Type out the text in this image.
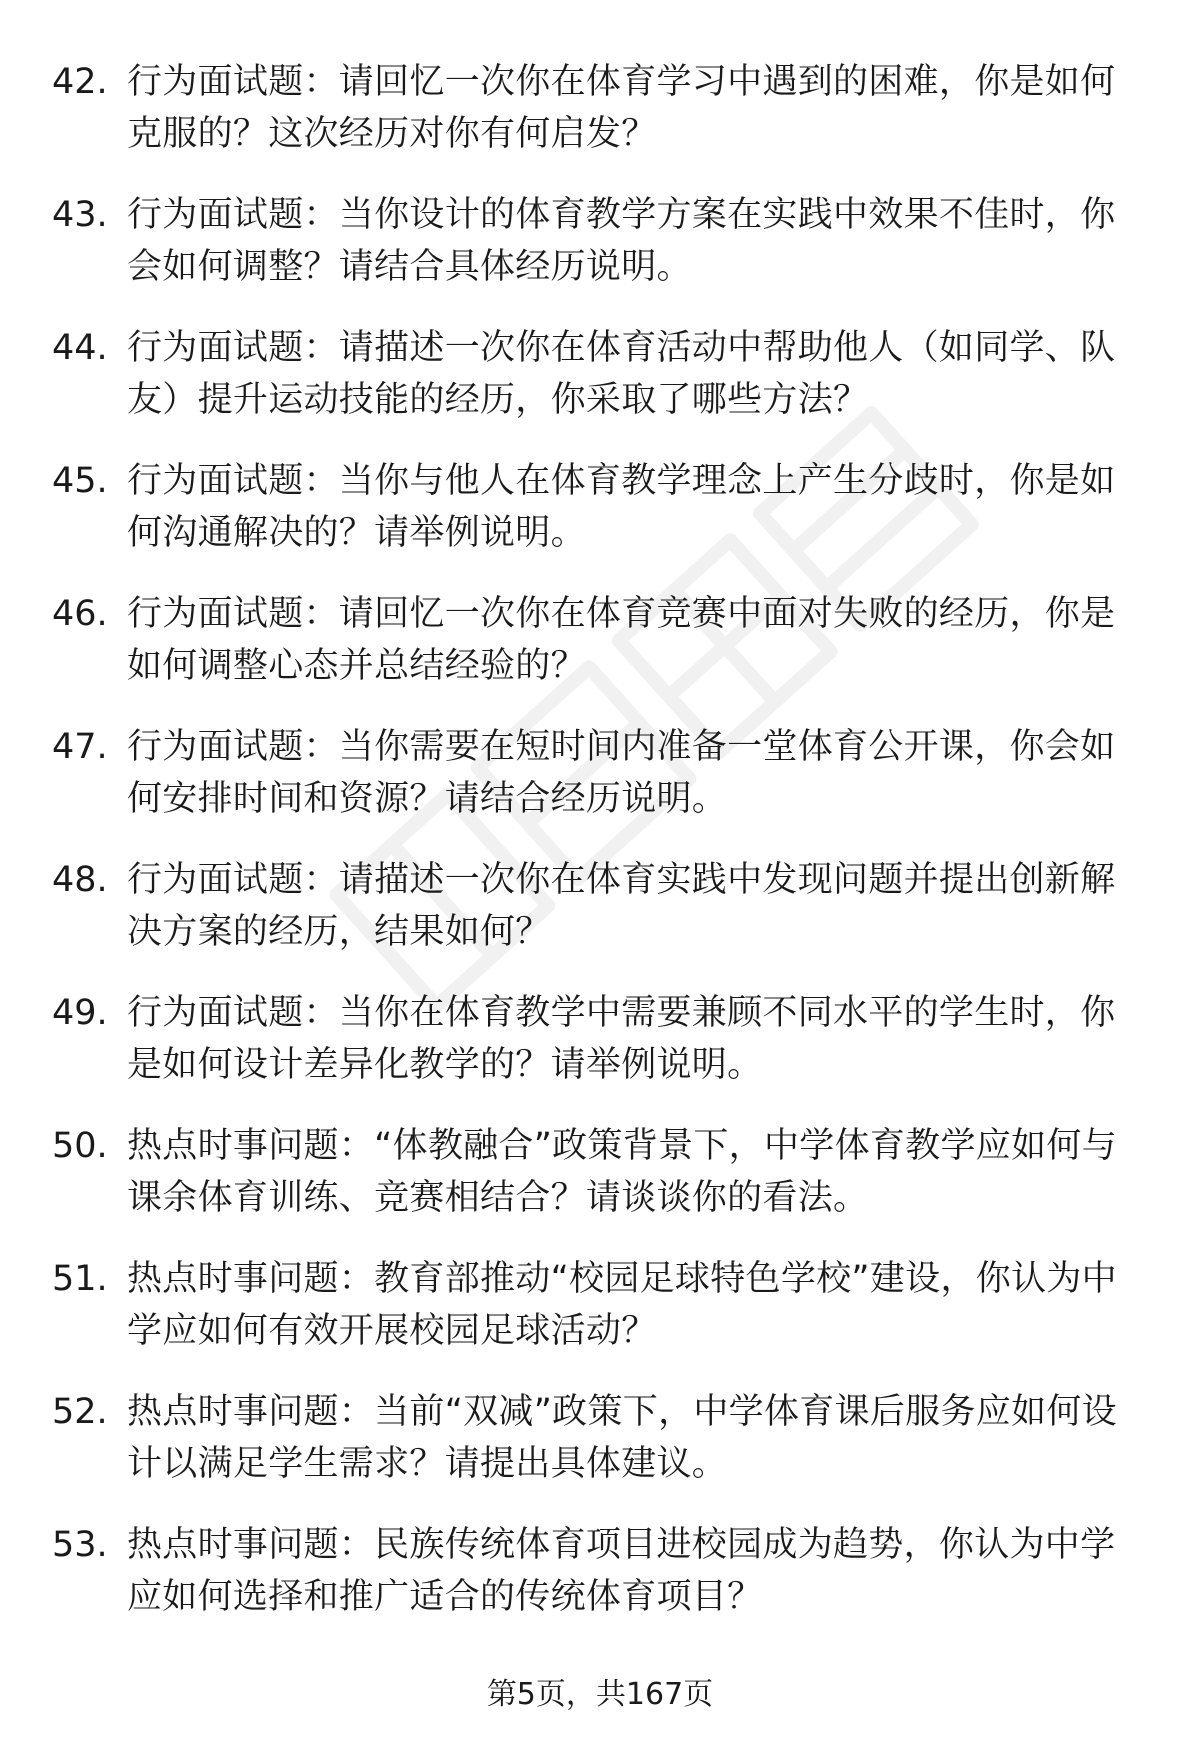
42. 行为面试题：请回忆一次你在体育学习中遇到的困难，你是如何克服的？这次经历对你有何启发？
43. 行为面试题：当你设计的体育教学方案在实践中效果不佳时，你会如何调整？请结合具体经历说明。
44. 行为面试题：请描述一次你在体育活动中帮助他人（如同学、队友）提升运动技能的经历，你采取了哪些方法？
45. 行为面试题：当你与他人在体育教学理念上产生分歧时，你是如何沟通解决的？请举例说明。
46. 行为面试题：请回忆一次你在体育竞赛中面对失败的经历，你是如何调整心态并总结经验的？
47. 行为面试题：当你需要在短时间内准备一堂体育公开课，你会如何安排时间和资源？请结合经历说明。
48. 行为面试题：请描述一次你在体育实践中发现问题并提出创新解决方案的经历，结果如何？
49. 行为面试题：当你在体育教学中需要兼顾不同水平的学生时，你是如何设计差异化教学的？请举例说明。
50. 热点时事问题：“体教融合”政策背景下，中学体育教学应如何与课余体育训练、竞赛相结合？请谈谈你的看法。
51. 热点时事问题：教育部推动“校园足球特色学校”建设，你认为中学应如何有效开展校园足球活动？
52. 热点时事问题：当前“双减”政策下，中学体育课后服务应如何设计以满足学生需求？请提出具体建议。
53. 热点时事问题：民族传统体育项目进校园成为趋势，你认为中学应如何选择和推广适合的传统体育项目？
第5页，共167页
